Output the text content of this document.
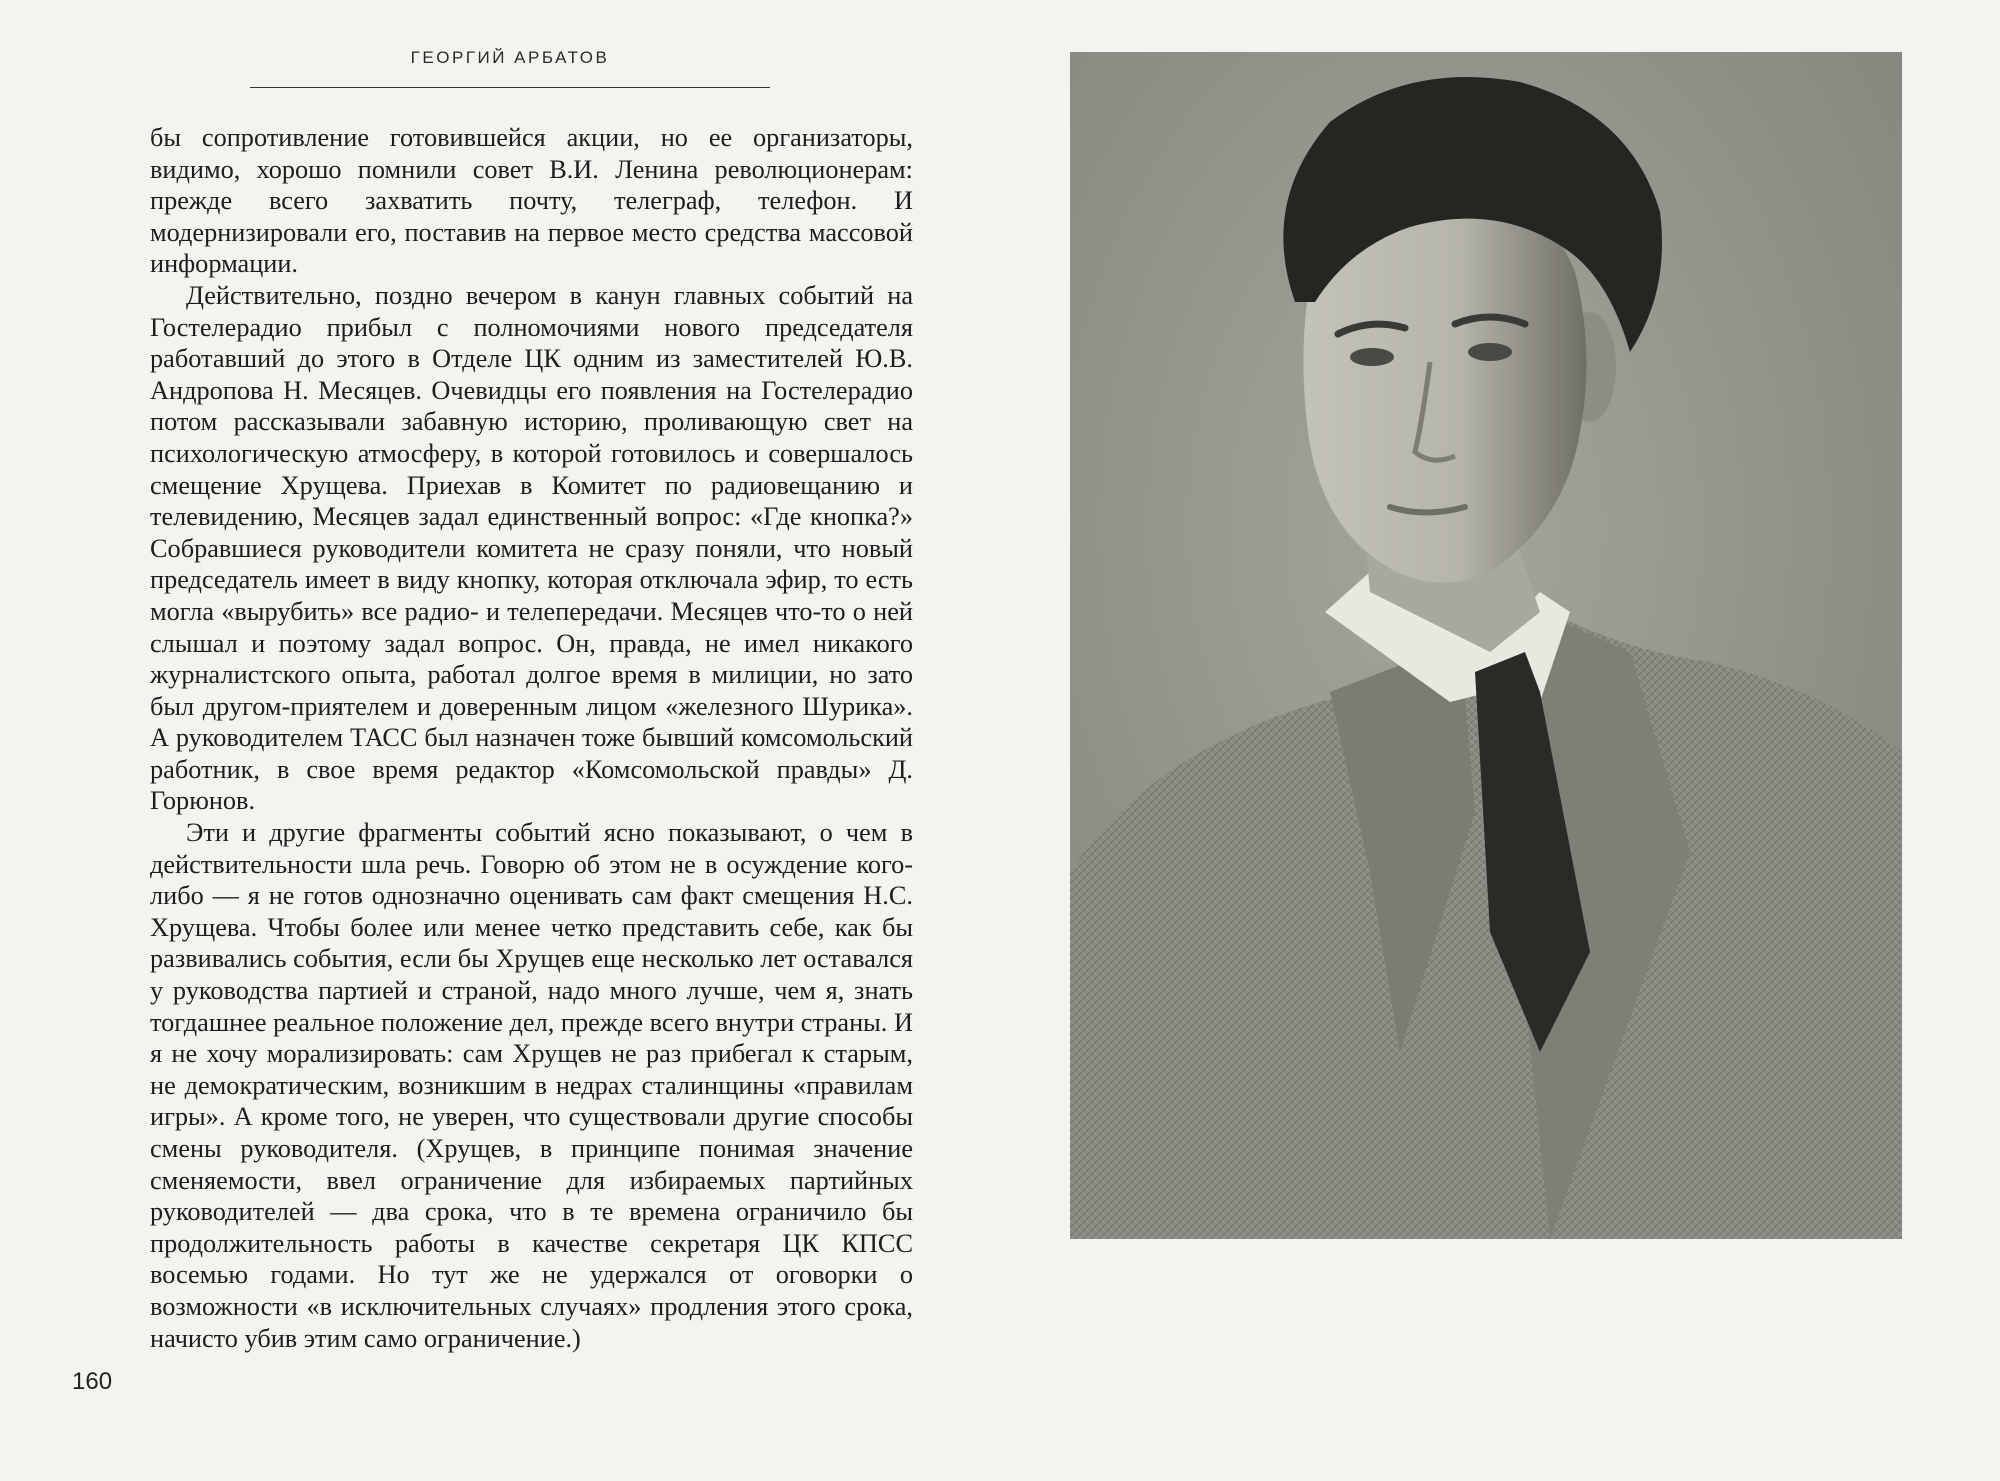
ГЕОРГИЙ АРБАТОВ

бы сопротивление готовившейся акции, но ее организаторы, видимо, хорошо помнили совет В.И. Ленина революционерам: прежде всего захватить почту, телеграф, телефон. И модернизировали его, поставив на первое место средства массовой информации.

Действительно, поздно вечером в канун главных событий на Гостелерадио прибыл с полномочиями нового председателя работавший до этого в Отделе ЦК одним из заместителей Ю.В. Андропова Н. Месяцев. Очевидцы его появления на Гостелерадио потом рассказывали забавную историю, проливающую свет на психологическую атмосферу, в которой готовилось и совершалось смещение Хрущева. Приехав в Комитет по радиовещанию и телевидению, Месяцев задал единственный вопрос: «Где кнопка?» Собравшиеся руководители комитета не сразу поняли, что новый председатель имеет в виду кнопку, которая отключала эфир, то есть могла «вырубить» все радио- и телепередачи. Месяцев что-то о ней слышал и поэтому задал вопрос. Он, правда, не имел никакого журналистского опыта, работал долгое время в милиции, но зато был другом-приятелем и доверенным лицом «железного Шурика». А руководителем ТАСС был назначен тоже бывший комсомольский работник, в свое время редактор «Комсомольской правды» Д. Горюнов.

Эти и другие фрагменты событий ясно показывают, о чем в действительности шла речь. Говорю об этом не в осуждение кого-либо — я не готов однозначно оценивать сам факт смещения Н.С. Хрущева. Чтобы более или менее четко представить себе, как бы развивались события, если бы Хрущев еще несколько лет оставался у руководства партией и страной, надо много лучше, чем я, знать тогдашнее реальное положение дел, прежде всего внутри страны. И я не хочу морализировать: сам Хрущев не раз прибегал к старым, не демократическим, возникшим в недрах сталинщины «правилам игры». А кроме того, не уверен, что существовали другие способы смены руководителя. (Хрущев, в принципе понимая значение сменяемости, ввел ограничение для избираемых партийных руководителей — два срока, что в те времена ограничило бы продолжительность работы в качестве секретаря ЦК КПСС восемью годами. Но тут же не удержался от оговорки о возможности «в исключительных случаях» продления этого срока, начисто убив этим само ограничение.)

160
